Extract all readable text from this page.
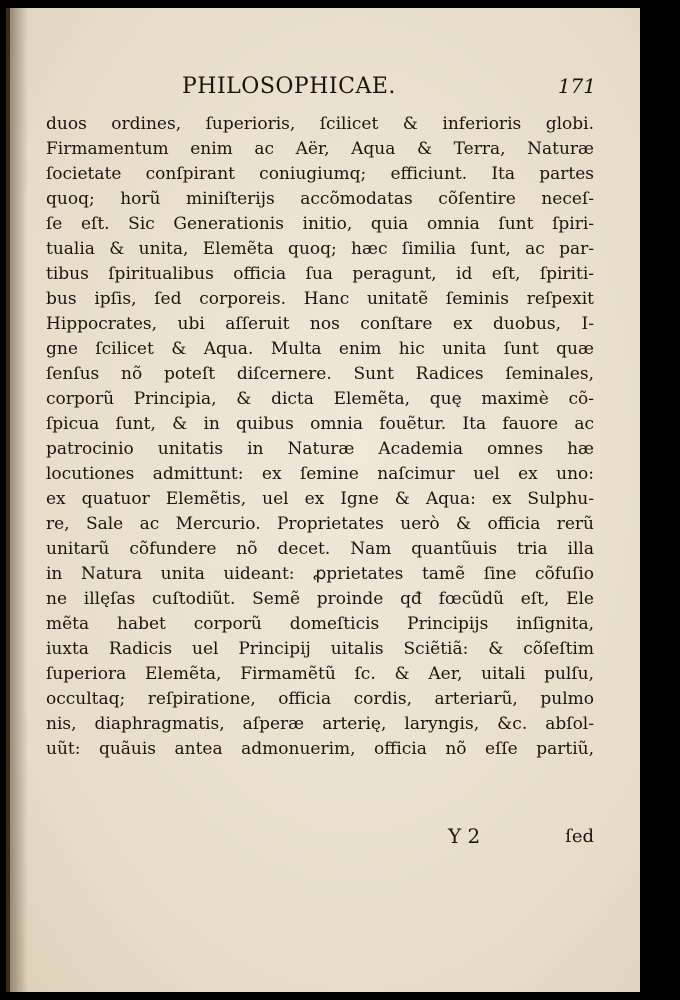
PHILOSOPHICAE.	171
duos ordines, ſuperioris, ſcilicet & inferioris globi.
Firmamentum enim ac Aër, Aqua & Terra, Naturæ
ſocietate conſpirant coniugiumq; efficiunt. Ita partes
quoq; horũ miniſterijs accõmodatas cõſentire neceſ-
ſe eſt. Sic Generationis initio, quia omnia ſunt ſpiri-
tualia & unita, Elemẽta quoq; hæc ſimilia ſunt, ac par-
tibus ſpiritualibus officia ſua peragunt, id eſt, ſpiriti-
bus ipſis, ſed corporeis. Hanc unitatẽ ſeminis reſpexit
Hippocrates, ubi aſſeruit nos conſtare ex duobus, I-
gne ſcilicet & Aqua. Multa enim hic unita ſunt quæ
ſenſus nõ poteſt diſcernere. Sunt Radices ſeminales,
corporũ Principia, & dicta Elemẽta, quę maximè cõ-
ſpicua ſunt, & in quibus omnia fouẽtur. Ita fauore ac
patrocinio unitatis in Naturæ Academia omnes hæ
locutiones admittunt: ex ſemine naſcimur uel ex uno:
ex quatuor Elemẽtis, uel ex Igne & Aqua: ex Sulphu-
re, Sale ac Mercurio. Proprietates uerò & officia rerũ
unitarũ cõfundere nõ decet. Nam quantũuis tria illa
in Natura unita uideant: ꝓprietates tamẽ ſine cõfuſio
ne illęſas cuſtodiũt. Semẽ proinde qđ fœcũdũ eſt, Ele
mẽta habet corporũ domeſticis Principijs inſignita,
iuxta Radicis uel Principij uitalis Sciẽtiã: & cõſeſtim
ſuperiora Elemẽta, Firmamẽtũ ſc. & Aer, uitali pulſu,
occultaq; reſpiratione, officia cordis, arteriarũ, pulmo
nis, diaphragmatis, aſperæ arterię, laryngis, &c. abſol-
uũt: quãuis antea admonuerim, officia nõ eſſe partiũ,
Y 2	ſed
